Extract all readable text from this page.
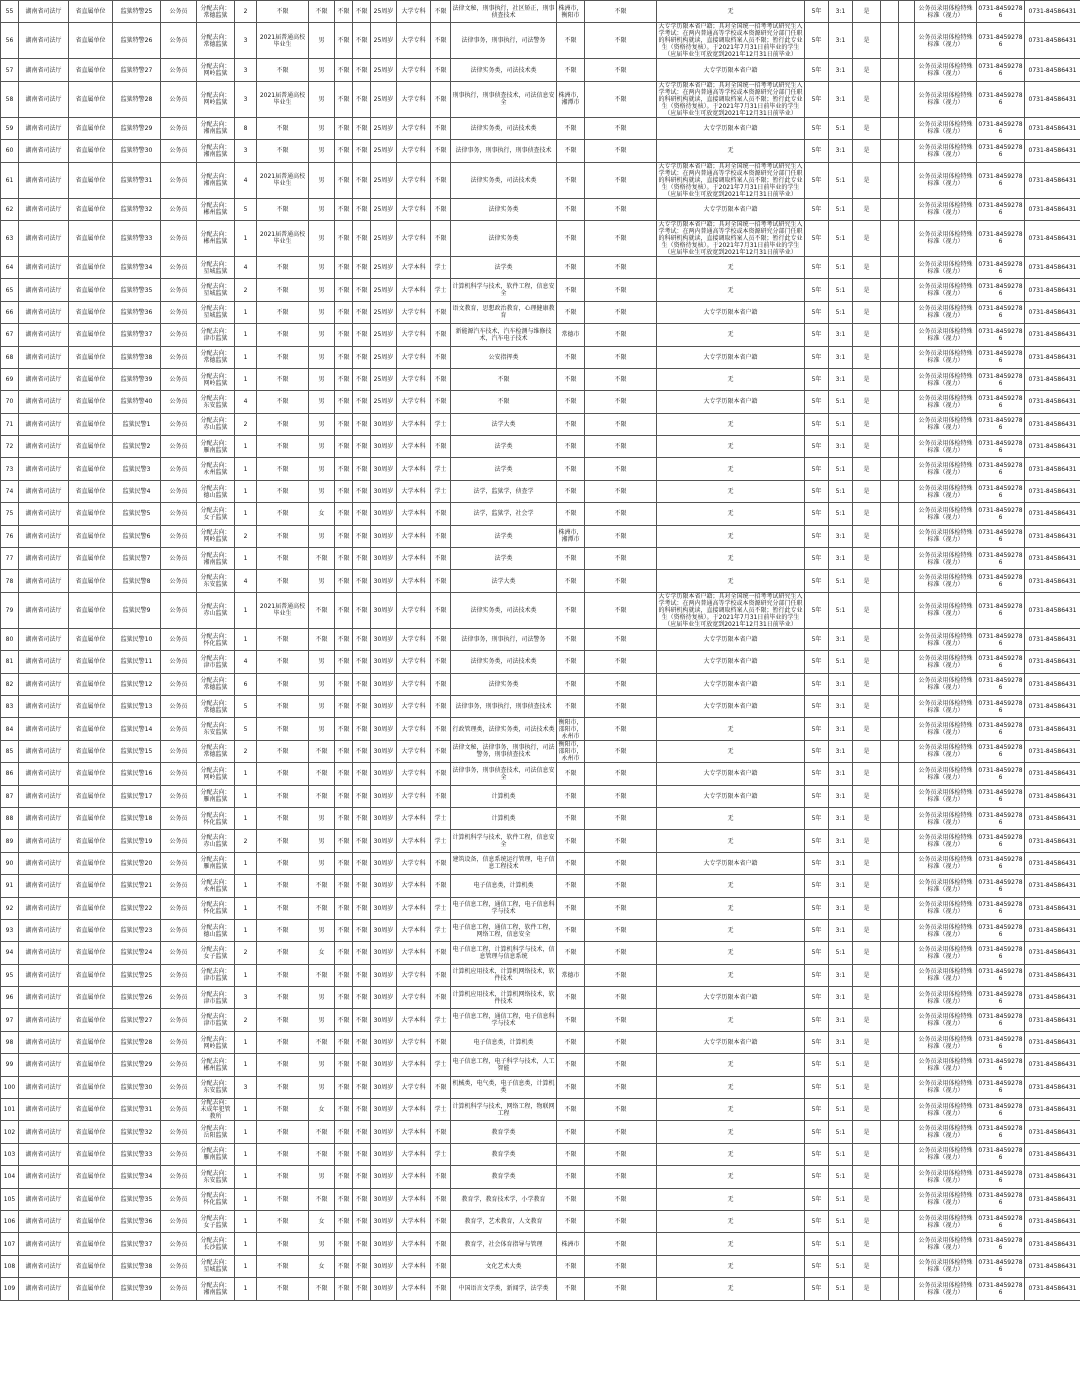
55	湖南省司法厅	省直属单位	监狱特警25	公务员	分配去向：常德监狱	2	不限	不限	不限	不限	25周岁	大学专科	不限	法律文秘，刑事执行，社区矫正，刑事侦查技术	株洲市，衡阳市	不限	无	5年	3:1	是			公务员录用体检特殊标准（视力）	0731-84592786	0731-84586431
56	湖南省司法厅	省直属单位	监狱特警26	公务员	分配去向：常德监狱	3	2021届普通高校毕业生	男	不限	不限	25周岁	大学专科	不限	法律事务，刑事执行，司法警务	不限	不限	大专学历限本省户籍；具对全国统一招考考试研究生入学考试：在两内普通高等学校或本资源研究分部门任职的科研机构就读，直接调取档案人员不限；暂行此专业生（资格待复核）。于2021年7月31日前毕业的学生（应届毕业生可放宽到2021年12月31日前毕业）	5年	3:1	是			公务员录用体检特殊标准（视力）	0731-84592786	0731-84586431
57	湖南省司法厅	省直属单位	监狱特警27	公务员	分配去向：网岭监狱	3	不限	男	不限	不限	25周岁	大学专科	不限	法律实务类，司法技术类	不限	不限	大专学历限本省户籍	5年	3:1	是			公务员录用体检特殊标准（视力）	0731-84592786	0731-84586431
58	湖南省司法厅	省直属单位	监狱特警28	公务员	分配去向：网岭监狱	3	2021届普通高校毕业生	男	不限	不限	25周岁	大学专科	不限	刑事执行，刑事侦查技术，司法信息安全	株洲市，湘潭市	不限	大专学历限本省户籍；具对全国统一招考考试研究生入学考试：在两内普通高等学校或本资源研究分部门任职的科研机构就读，直接调取档案人员不限；暂行此专业生（资格待复核）。于2021年7月31日前毕业的学生（应届毕业生可放宽到2021年12月31日前毕业）	5年	3:1	是			公务员录用体检特殊标准（视力）	0731-84592786	0731-84586431
59	湖南省司法厅	省直属单位	监狱特警29	公务员	分配去向：湘南监狱	8	不限	男	不限	不限	25周岁	大学专科	不限	法律实务类，司法技术类	不限	不限	大专学历限本省户籍	5年	5:1	是			公务员录用体检特殊标准（视力）	0731-84592786	0731-84586431
60	湖南省司法厅	省直属单位	监狱特警30	公务员	分配去向：湘南监狱	3	不限	男	不限	不限	25周岁	大学专科	不限	法律事务，刑事执行，刑事侦查技术	不限	不限	无	5年	3:1	是			公务员录用体检特殊标准（视力）	0731-84592786	0731-84586431
61	湖南省司法厅	省直属单位	监狱特警31	公务员	分配去向：湘南监狱	4	2021届普通高校毕业生	男	不限	不限	25周岁	大学专科	不限	法律实务类，司法技术类	不限	不限	大专学历限本省户籍；具对全国统一招考考试研究生入学考试：在两内普通高等学校或本资源研究分部门任职的科研机构就读，直接调取档案人员不限；暂行此专业生（资格待复核）。于2021年7月31日前毕业的学生（应届毕业生可放宽到2021年12月31日前毕业）	5年	5:1	是			公务员录用体检特殊标准（视力）	0731-84592786	0731-84586431
62	湖南省司法厅	省直属单位	监狱特警32	公务员	分配去向：郴州监狱	5	不限	男	不限	不限	25周岁	大学专科	不限	法律实务类	不限	不限	大专学历限本省户籍	5年	5:1	是			公务员录用体检特殊标准（视力）	0731-84592786	0731-84586431
63	湖南省司法厅	省直属单位	监狱特警33	公务员	分配去向：郴州监狱	1	2021届普通高校毕业生	男	不限	不限	25周岁	大学专科	不限	法律实务类	不限	不限	大专学历限本省户籍；具对全国统一招考考试研究生入学考试：在两内普通高等学校或本资源研究分部门任职的科研机构就读，直接调取档案人员不限；暂行此专业生（资格待复核）。于2021年7月31日前毕业的学生（应届毕业生可放宽到2021年12月31日前毕业）	5年	5:1	是			公务员录用体检特殊标准（视力）	0731-84592786	0731-84586431
64	湖南省司法厅	省直属单位	监狱特警34	公务员	分配去向：星城监狱	4	不限	男	不限	不限	25周岁	大学本科	学士	法学类	不限	不限	无	5年	5:1	是			公务员录用体检特殊标准（视力）	0731-84592786	0731-84586431
65	湖南省司法厅	省直属单位	监狱特警35	公务员	分配去向：星城监狱	2	不限	男	不限	不限	25周岁	大学本科	学士	计算机科学与技术，软件工程，信息安全	不限	不限	无	5年	5:1	是			公务员录用体检特殊标准（视力）	0731-84592786	0731-84586431
66	湖南省司法厅	省直属单位	监狱特警36	公务员	分配去向：星城监狱	1	不限	男	不限	不限	25周岁	大学专科	不限	语文教育，思想政治教育，心理健康教育	不限	不限	大专学历限本省户籍	5年	5:1	是			公务员录用体检特殊标准（视力）	0731-84592786	0731-84586431
67	湖南省司法厅	省直属单位	监狱特警37	公务员	分配去向：津市监狱	1	不限	男	不限	不限	25周岁	大学专科	不限	新能源汽车技术，汽车检测与维修技术，汽车电子技术	常德市	不限	无	5年	3:1	是			公务员录用体检特殊标准（视力）	0731-84592786	0731-84586431
68	湖南省司法厅	省直属单位	监狱特警38	公务员	分配去向：常德监狱	1	不限	男	不限	不限	25周岁	大学专科	不限	公安指挥类	不限	不限	大专学历限本省户籍	5年	3:1	是			公务员录用体检特殊标准（视力）	0731-84592786	0731-84586431
69	湖南省司法厅	省直属单位	监狱特警39	公务员	分配去向：网岭监狱	1	不限	男	不限	不限	25周岁	大学专科	不限	不限	不限	不限	无	5年	3:1	是			公务员录用体检特殊标准（视力）	0731-84592786	0731-84586431
70	湖南省司法厅	省直属单位	监狱特警40	公务员	分配去向：东安监狱	4	不限	男	不限	不限	25周岁	大学专科	不限	不限	不限	不限	大专学历限本省户籍	5年	5:1	是			公务员录用体检特殊标准（视力）	0731-84592786	0731-84586431
71	湖南省司法厅	省直属单位	监狱民警1	公务员	分配去向：赤山监狱	2	不限	男	不限	不限	30周岁	大学本科	学士	法学大类	不限	不限	无	5年	5:1	是			公务员录用体检特殊标准（视力）	0731-84592786	0731-84586431
72	湖南省司法厅	省直属单位	监狱民警2	公务员	分配去向：雁南监狱	1	不限	男	不限	不限	30周岁	大学本科	不限	法学类	不限	不限	无	5年	3:1	是			公务员录用体检特殊标准（视力）	0731-84592786	0731-84586431
73	湖南省司法厅	省直属单位	监狱民警3	公务员	分配去向：永州监狱	1	不限	男	不限	不限	30周岁	大学本科	学士	法学类	不限	不限	无	5年	5:1	是			公务员录用体检特殊标准（视力）	0731-84592786	0731-84586431
74	湖南省司法厅	省直属单位	监狱民警4	公务员	分配去向：德山监狱	1	不限	男	不限	不限	30周岁	大学本科	学士	法学，监狱学，侦查学	不限	不限	无	5年	5:1	是			公务员录用体检特殊标准（视力）	0731-84592786	0731-84586431
75	湖南省司法厅	省直属单位	监狱民警5	公务员	分配去向：女子监狱	1	不限	女	不限	不限	30周岁	大学本科	不限	法学，监狱学，社会学	不限	不限	无	5年	5:1	是			公务员录用体检特殊标准（视力）	0731-84592786	0731-84586431
76	湖南省司法厅	省直属单位	监狱民警6	公务员	分配去向：网岭监狱	2	不限	男	不限	不限	30周岁	大学本科	不限	法学类	株洲市，湘潭市	不限	无	5年	3:1	是			公务员录用体检特殊标准（视力）	0731-84592786	0731-84586431
77	湖南省司法厅	省直属单位	监狱民警7	公务员	分配去向：湘南监狱	1	不限	不限	不限	不限	30周岁	大学本科	不限	法学类	不限	不限	无	5年	3:1	是			公务员录用体检特殊标准（视力）	0731-84592786	0731-84586431
78	湖南省司法厅	省直属单位	监狱民警8	公务员	分配去向：东安监狱	4	不限	男	不限	不限	30周岁	大学本科	不限	法学大类	不限	不限	无	5年	5:1	是			公务员录用体检特殊标准（视力）	0731-84592786	0731-84586431
79	湖南省司法厅	省直属单位	监狱民警9	公务员	分配去向：赤山监狱	1	2021届普通高校毕业生	不限	不限	不限	30周岁	大学专科	不限	法律实务类，司法技术类	不限	不限	大专学历限本省户籍；具对全国统一招考考试研究生入学考试：在两内普通高等学校或本资源研究分部门任职的科研机构就读，直接调取档案人员不限；暂行此专业生（资格待复核）。于2021年7月31日前毕业的学生（应届毕业生可放宽到2021年12月31日前毕业）	5年	5:1	是			公务员录用体检特殊标准（视力）	0731-84592786	0731-84586431
80	湖南省司法厅	省直属单位	监狱民警10	公务员	分配去向：怀化监狱	1	不限	不限	不限	不限	30周岁	大学专科	不限	法律事务，刑事执行，司法警务	不限	不限	大专学历限本省户籍	5年	3:1	是			公务员录用体检特殊标准（视力）	0731-84592786	0731-84586431
81	湖南省司法厅	省直属单位	监狱民警11	公务员	分配去向：津市监狱	4	不限	男	不限	不限	30周岁	大学专科	不限	法律实务类，司法技术类	不限	不限	大专学历限本省户籍	5年	5:1	是			公务员录用体检特殊标准（视力）	0731-84592786	0731-84586431
82	湖南省司法厅	省直属单位	监狱民警12	公务员	分配去向：常德监狱	6	不限	男	不限	不限	30周岁	大学专科	不限	法律实务类	不限	不限	大专学历限本省户籍	5年	3:1	是			公务员录用体检特殊标准（视力）	0731-84592786	0731-84586431
83	湖南省司法厅	省直属单位	监狱民警13	公务员	分配去向：常德监狱	5	不限	男	不限	不限	30周岁	大学专科	不限	法律事务，刑事执行，刑事侦查技术	不限	不限	大专学历限本省户籍	5年	3:1	是			公务员录用体检特殊标准（视力）	0731-84592786	0731-84586431
84	湖南省司法厅	省直属单位	监狱民警14	公务员	分配去向：东安监狱	5	不限	男	不限	不限	30周岁	大学专科	不限	行政管理类，法律实务类，司法技术类	衡阳市，邵阳市，永州市	不限	无	5年	3:1	是			公务员录用体检特殊标准（视力）	0731-84592786	0731-84586431
85	湖南省司法厅	省直属单位	监狱民警15	公务员	分配去向：常德监狱	2	不限	不限	不限	不限	30周岁	大学专科	不限	法律文秘，法律事务，刑事执行，司法警务，刑事侦查技术	衡阳市，邵阳市，永州市	不限	无	5年	3:1	是			公务员录用体检特殊标准（视力）	0731-84592786	0731-84586431
86	湖南省司法厅	省直属单位	监狱民警16	公务员	分配去向：网岭监狱	1	不限	不限	不限	不限	30周岁	大学专科	不限	法律事务，刑事侦查技术，司法信息安全	不限	不限	大专学历限本省户籍	5年	3:1	是			公务员录用体检特殊标准（视力）	0731-84592786	0731-84586431
87	湖南省司法厅	省直属单位	监狱民警17	公务员	分配去向：雁南监狱	1	不限	不限	不限	不限	30周岁	大学专科	不限	计算机类	不限	不限	大专学历限本省户籍	5年	3:1	是			公务员录用体检特殊标准（视力）	0731-84592786	0731-84586431
88	湖南省司法厅	省直属单位	监狱民警18	公务员	分配去向：怀化监狱	1	不限	男	不限	不限	30周岁	大学本科	学士	计算机类	不限	不限	无	5年	3:1	是			公务员录用体检特殊标准（视力）	0731-84592786	0731-84586431
89	湖南省司法厅	省直属单位	监狱民警19	公务员	分配去向：赤山监狱	2	不限	男	不限	不限	30周岁	大学本科	学士	计算机科学与技术，软件工程，信息安全	不限	不限	无	5年	3:1	是			公务员录用体检特殊标准（视力）	0731-84592786	0731-84586431
90	湖南省司法厅	省直属单位	监狱民警20	公务员	分配去向：雁南监狱	1	不限	男	不限	不限	30周岁	大学专科	不限	建筑设备，信息系统运行管理，电子信息工程技术	不限	不限	大专学历限本省户籍	5年	3:1	是			公务员录用体检特殊标准（视力）	0731-84592786	0731-84586431
91	湖南省司法厅	省直属单位	监狱民警21	公务员	分配去向：永州监狱	1	不限	不限	不限	不限	30周岁	大学本科	不限	电子信息类，计算机类	不限	不限	无	5年	3:1	是			公务员录用体检特殊标准（视力）	0731-84592786	0731-84586431
92	湖南省司法厅	省直属单位	监狱民警22	公务员	分配去向：怀化监狱	1	不限	不限	不限	不限	30周岁	大学本科	学士	电子信息工程，通信工程，电子信息科学与技术	不限	不限	无	5年	3:1	是			公务员录用体检特殊标准（视力）	0731-84592786	0731-84586431
93	湖南省司法厅	省直属单位	监狱民警23	公务员	分配去向：德山监狱	1	不限	男	不限	不限	30周岁	大学本科	学士	电子信息工程，通信工程，软件工程，网络工程，信息安全	不限	不限	无	5年	3:1	是			公务员录用体检特殊标准（视力）	0731-84592786	0731-84586431
94	湖南省司法厅	省直属单位	监狱民警24	公务员	分配去向：女子监狱	2	不限	女	不限	不限	30周岁	大学本科	不限	电子信息工程，计算机科学与技术，信息管理与信息系统	不限	不限	无	5年	5:1	是			公务员录用体检特殊标准（视力）	0731-84592786	0731-84586431
95	湖南省司法厅	省直属单位	监狱民警25	公务员	分配去向：津市监狱	1	不限	不限	不限	不限	30周岁	大学专科	不限	计算机应用技术，计算机网络技术，软件技术	常德市	不限	无	5年	3:1	是			公务员录用体检特殊标准（视力）	0731-84592786	0731-84586431
96	湖南省司法厅	省直属单位	监狱民警26	公务员	分配去向：津市监狱	3	不限	男	不限	不限	30周岁	大学专科	不限	计算机应用技术，计算机网络技术，软件技术	不限	不限	大专学历限本省户籍	5年	3:1	是			公务员录用体检特殊标准（视力）	0731-84592786	0731-84586431
97	湖南省司法厅	省直属单位	监狱民警27	公务员	分配去向：津市监狱	2	不限	男	不限	不限	30周岁	大学本科	学士	电子信息工程，通信工程，电子信息科学与技术	不限	不限	无	5年	3:1	是			公务员录用体检特殊标准（视力）	0731-84592786	0731-84586431
98	湖南省司法厅	省直属单位	监狱民警28	公务员	分配去向：网岭监狱	1	不限	不限	不限	不限	30周岁	大学专科	不限	电子信息类，计算机类	不限	不限	大专学历限本省户籍	5年	3:1	是			公务员录用体检特殊标准（视力）	0731-84592786	0731-84586431
99	湖南省司法厅	省直属单位	监狱民警29	公务员	分配去向：郴州监狱	1	不限	男	不限	不限	30周岁	大学本科	学士	电子信息工程，电子科学与技术，人工智能	不限	不限	无	5年	5:1	是			公务员录用体检特殊标准（视力）	0731-84592786	0731-84586431
100	湖南省司法厅	省直属单位	监狱民警30	公务员	分配去向：东安监狱	3	不限	男	不限	不限	30周岁	大学专科	不限	机械类，电气类，电子信息类，计算机类	不限	不限	无	5年	5:1	是			公务员录用体检特殊标准（视力）	0731-84592786	0731-84586431
101	湖南省司法厅	省直属单位	监狱民警31	公务员	分配去向：未成年犯管教所	1	不限	女	不限	不限	30周岁	大学本科	学士	计算机科学与技术，网络工程，物联网工程	不限	不限	无	5年	5:1	是			公务员录用体检特殊标准（视力）	0731-84592786	0731-84586431
102	湖南省司法厅	省直属单位	监狱民警32	公务员	分配去向：岳阳监狱	1	不限	不限	不限	不限	30周岁	大学本科	不限	教育学类	不限	不限	无	5年	5:1	是			公务员录用体检特殊标准（视力）	0731-84592786	0731-84586431
103	湖南省司法厅	省直属单位	监狱民警33	公务员	分配去向：雁南监狱	1	不限	不限	不限	不限	30周岁	大学本科	学士	教育学类	不限	不限	无	5年	5:1	是			公务员录用体检特殊标准（视力）	0731-84592786	0731-84586431
104	湖南省司法厅	省直属单位	监狱民警34	公务员	分配去向：东安监狱	1	不限	男	不限	不限	30周岁	大学本科	不限	教育学类	不限	不限	无	5年	5:1	是			公务员录用体检特殊标准（视力）	0731-84592786	0731-84586431
105	湖南省司法厅	省直属单位	监狱民警35	公务员	分配去向：怀化监狱	1	不限	不限	不限	不限	30周岁	大学本科	不限	教育学，教育技术学，小学教育	不限	不限	无	5年	5:1	是			公务员录用体检特殊标准（视力）	0731-84592786	0731-84586431
106	湖南省司法厅	省直属单位	监狱民警36	公务员	分配去向：女子监狱	1	不限	女	不限	不限	30周岁	大学本科	不限	教育学，艺术教育，人文教育	不限	不限	无	5年	5:1	是			公务员录用体检特殊标准（视力）	0731-84592786	0731-84586431
107	湖南省司法厅	省直属单位	监狱民警37	公务员	分配去向：长沙监狱	1	不限	男	不限	不限	30周岁	大学本科	不限	教育学，社会体育指导与管理	株洲市	不限	无	5年	5:1	是			公务员录用体检特殊标准（视力）	0731-84592786	0731-84586431
108	湖南省司法厅	省直属单位	监狱民警38	公务员	分配去向：星城监狱	1	不限	女	不限	不限	30周岁	大学本科	不限	文化艺术大类	不限	不限	无	5年	5:1	是			公务员录用体检特殊标准（视力）	0731-84592786	0731-84586431
109	湖南省司法厅	省直属单位	监狱民警39	公务员	分配去向：湘南监狱	1	不限	不限	不限	不限	30周岁	大学本科	不限	中国语言文学类，新闻学，法学类	不限	不限	无	5年	5:1	是			公务员录用体检特殊标准（视力）	0731-84592786	0731-84586431
